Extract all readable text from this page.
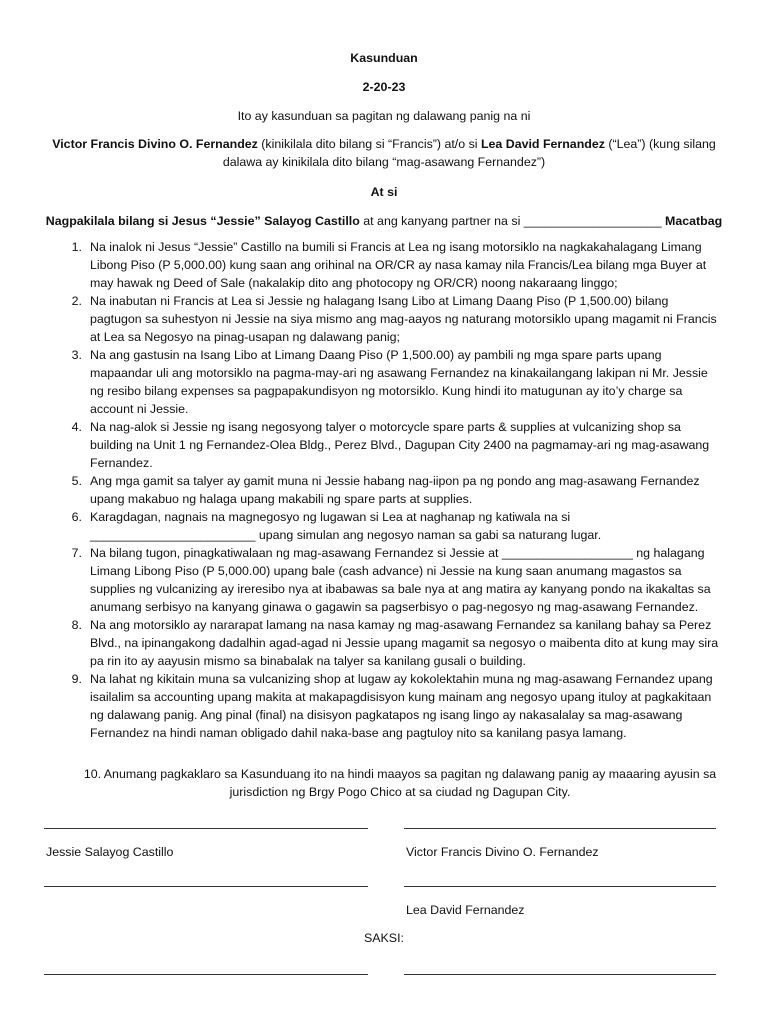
Kasunduan
2-20-23
Ito ay kasunduan sa pagitan ng dalawang panig na ni
Victor Francis Divino O. Fernandez (kinikilala dito bilang si “Francis”) at/o si Lea David Fernandez (“Lea”) (kung silang dalawa ay kinikilala dito bilang “mag-asawang Fernandez”)
At si
Nagpakilala bilang si Jesus “Jessie” Salayog Castillo at ang kanyang partner na si ____________________ Macatbag
1. Na inalok ni Jesus “Jessie” Castillo na bumili si Francis at Lea ng isang motorsiklo na nagkakahalagang Limang Libong Piso (P 5,000.00) kung saan ang orihinal na OR/CR ay nasa kamay nila Francis/Lea bilang mga Buyer at may hawak ng Deed of Sale (nakalakip dito ang photocopy ng OR/CR) noong nakaraang linggo;
2. Na inabutan ni Francis at Lea si Jessie ng halagang Isang Libo at Limang Daang Piso (P 1,500.00) bilang pagtugon sa suhestyon ni Jessie na siya mismo ang mag-aayos ng naturang motorsiklo upang magamit ni Francis at Lea sa Negosyo na pinag-usapan ng dalawang panig;
3. Na ang gastusin na Isang Libo at Limang Daang Piso (P 1,500.00) ay pambili ng mga spare parts upang mapaandar uli ang motorsiklo na pagma-may-ari ng asawang Fernandez na kinakailangang lakipan ni Mr. Jessie ng resibo bilang expenses sa pagpapakundisyon ng motorsiklo. Kung hindi ito matugunan ay ito’y charge sa account ni Jessie.
4. Na nag-alok si Jessie ng isang negosyong talyer o motorcycle spare parts & supplies at vulcanizing shop sa building na Unit 1 ng Fernandez-Olea Bldg., Perez Blvd., Dagupan City 2400 na pagmamay-ari ng mag-asawang Fernandez.
5. Ang mga gamit sa talyer ay gamit muna ni Jessie habang nag-iipon pa ng pondo ang mag-asawang Fernandez upang makabuo ng halaga upang makabili ng spare parts at supplies.
6. Karagdagan, nagnais na magnegosyo ng lugawan si Lea at naghanap ng katiwala na si ________________________ upang simulan ang negosyo naman sa gabi sa naturang lugar.
7. Na bilang tugon, pinagkatiwalaan ng mag-asawang Fernandez si Jessie at ___________________ ng halagang Limang Libong Piso (P 5,000.00) upang bale (cash advance) ni Jessie na kung saan anumang magastos sa supplies ng vulcanizing ay ireresibo nya at ibabawas sa bale nya at ang matira ay kanyang pondo na ikakaltas sa anumang serbisyo na kanyang ginawa o gagawin sa pagserbisyo o pag-negosyo ng mag-asawang Fernandez.
8. Na ang motorsiklo ay nararapat lamang na nasa kamay ng mag-asawang Fernandez sa kanilang bahay sa Perez Blvd., na ipinangakong dadalhin agad-agad ni Jessie upang magamit sa negosyo o maibenta dito at kung may sira pa rin ito ay aayusin mismo sa binabalak na talyer sa kanilang gusali o building.
9. Na lahat ng kikitain muna sa vulcanizing shop at lugaw ay kokolektahin muna ng mag-asawang Fernandez upang isailalim sa accounting upang makita at makapagdisisyon kung mainam ang negosyo upang ituloy at pagkakitaan ng dalawang panig. Ang pinal (final) na disisyon pagkatapos ng isang lingo ay nakasalalay sa mag-asawang Fernandez na hindi naman obligado dahil naka-base ang pagtuloy nito sa kanilang pasya lamang.
10. Anumang pagkaklaro sa Kasunduang ito na hindi maayos sa pagitan ng dalawang panig ay maaaring ayusin sa jurisdiction ng Brgy Pogo Chico at sa ciudad ng Dagupan City.
Jessie Salayog Castillo	Victor Francis Divino O. Fernandez
Lea David Fernandez
SAKSI:
